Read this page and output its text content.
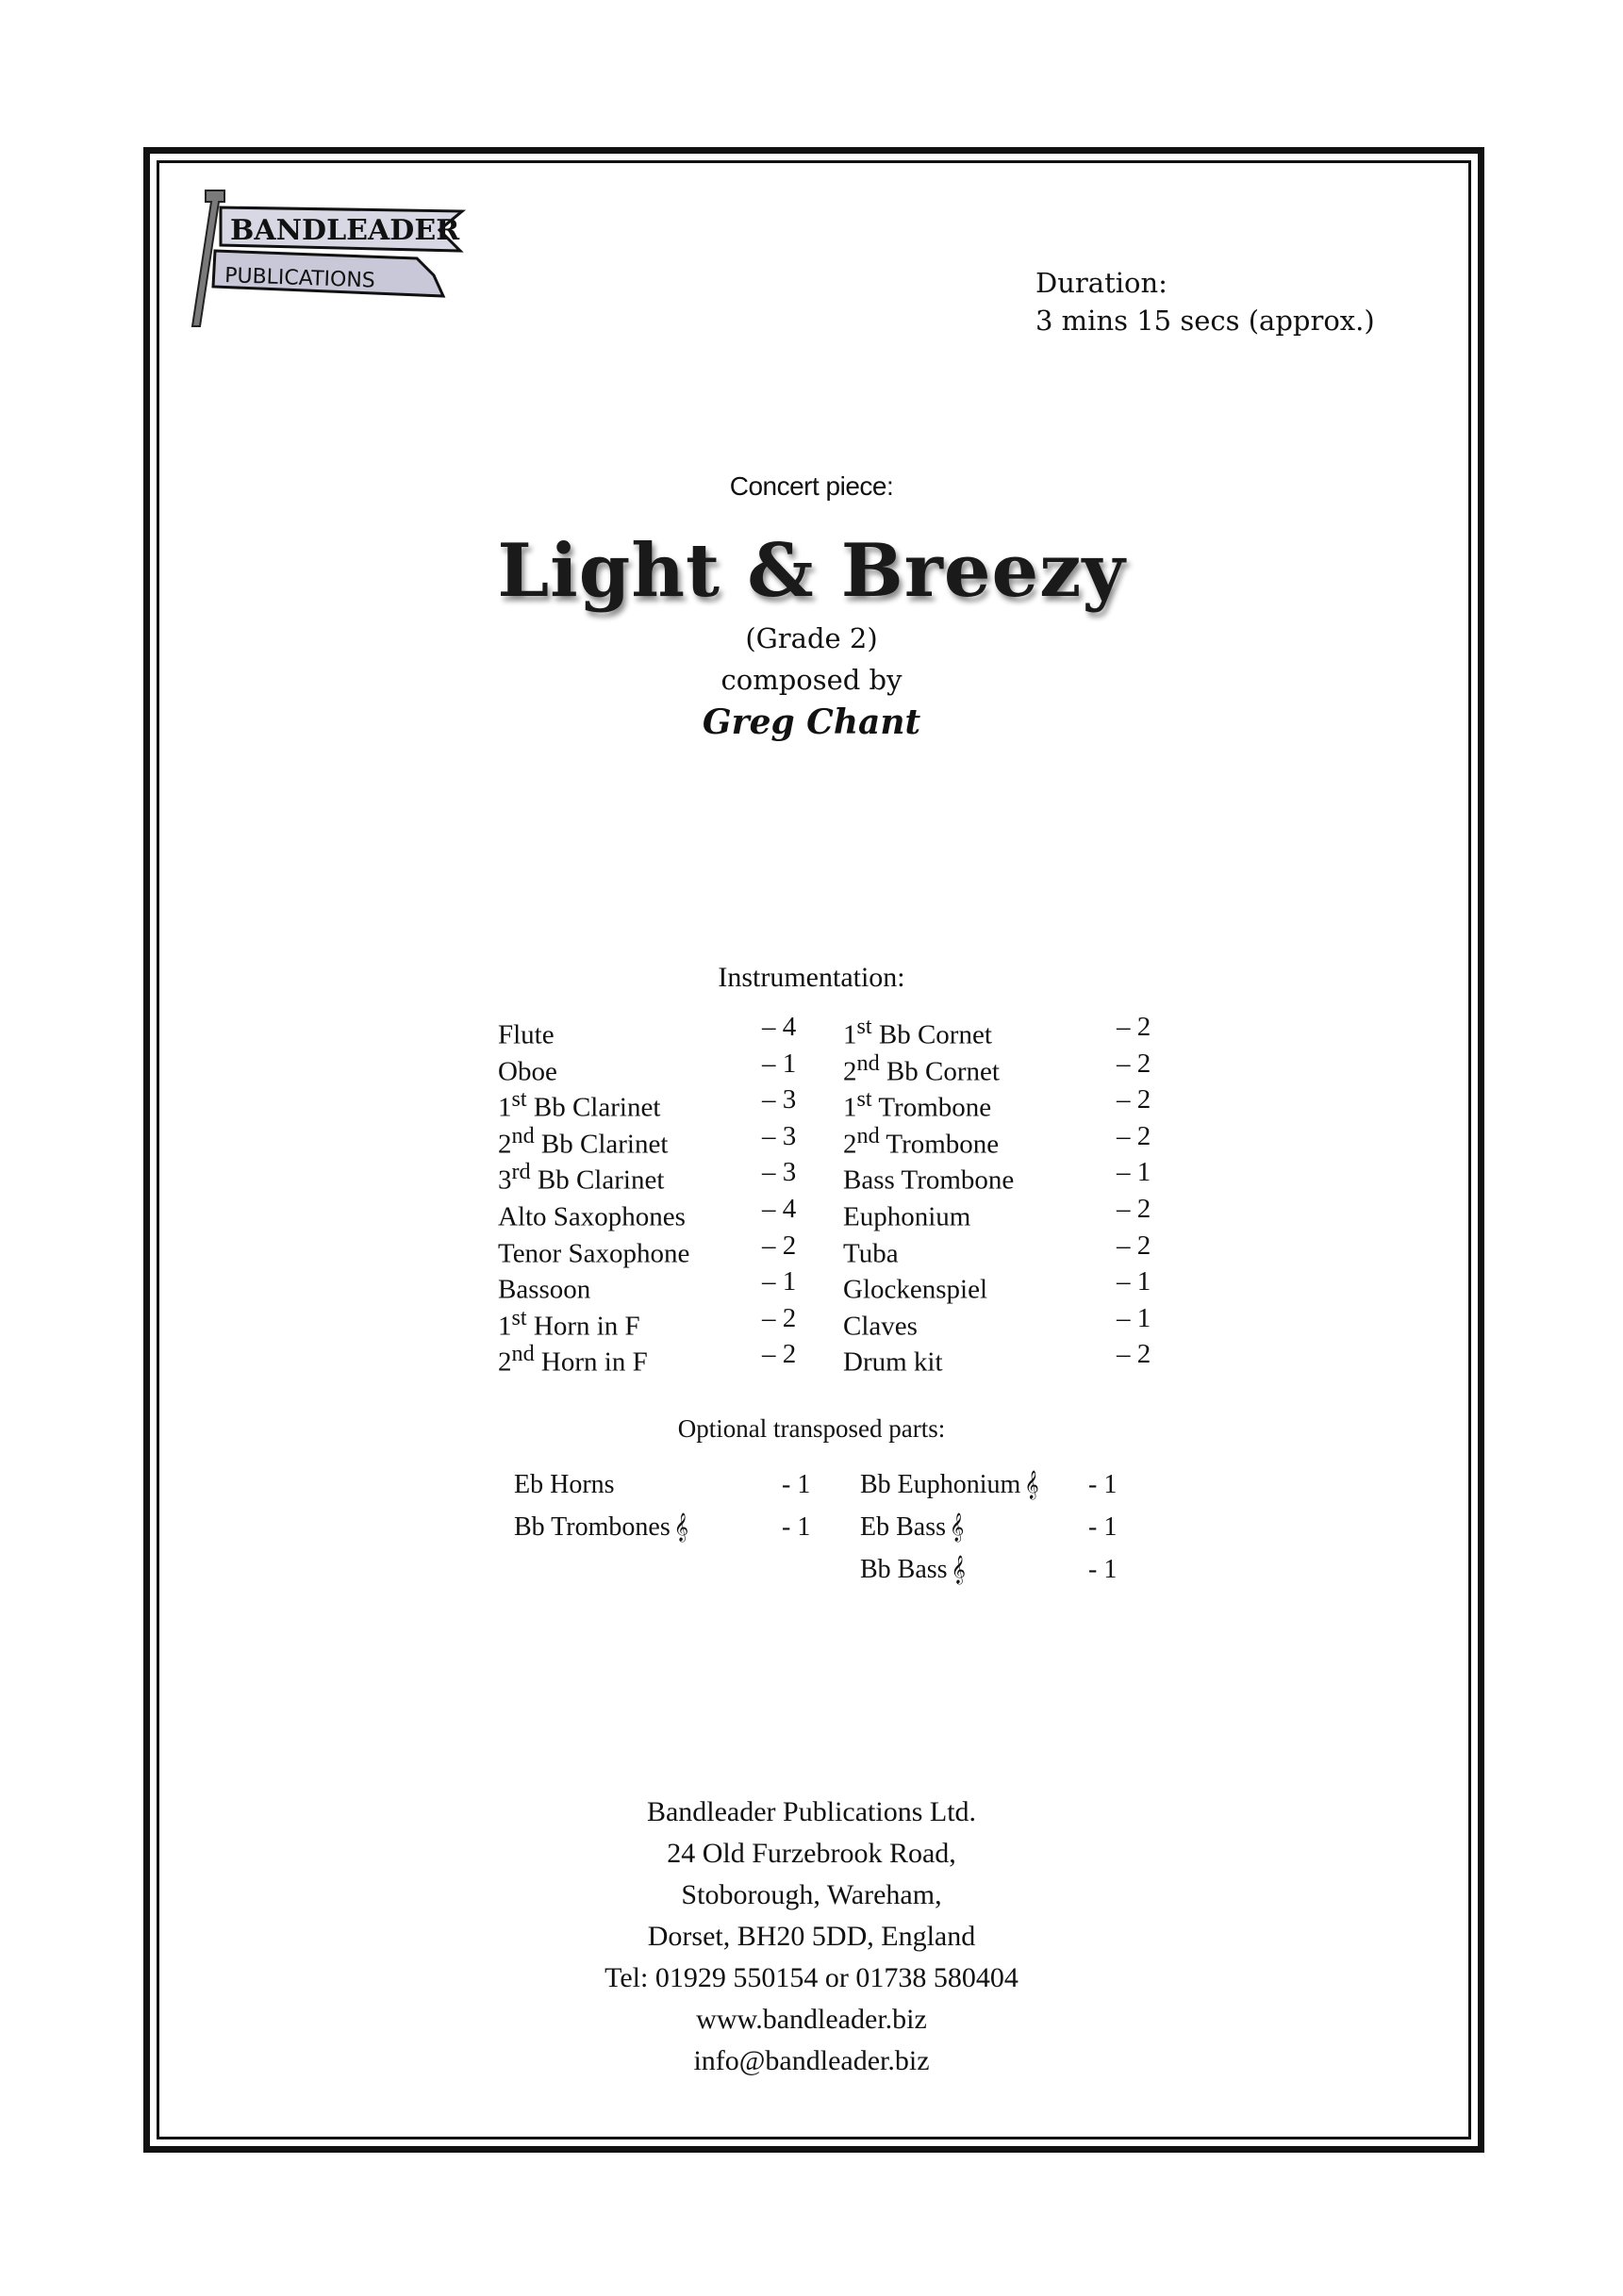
BANDLEADER
PUBLICATIONS	Duration:
3 mins 15 secs (approx.)
Concert piece:
Light & Breezy
(Grade 2)
composed by
Greg Chant
Instrumentation:
Flute	– 4
Oboe	– 1
1st Bb Clarinet	– 3
2nd Bb Clarinet	– 3
3rd Bb Clarinet	– 3
Alto Saxophones	– 4
Tenor Saxophone	– 2
Bassoon	– 1
1st Horn in F	– 2
2nd Horn in F	– 2
1st Bb Cornet	– 2
2nd Bb Cornet	– 2
1st Trombone	– 2
2nd Trombone	– 2
Bass Trombone	– 1
Euphonium	– 2
Tuba	– 2
Glockenspiel	– 1
Claves	– 1
Drum kit	– 2
Optional transposed parts:
Eb Horns	- 1
Bb Trombones 𝄞	- 1
Bb Euphonium 𝄞 - 1
Eb Bass 𝄞	- 1
Bb Bass 𝄞	- 1
Bandleader Publications Ltd.
24 Old Furzebrook Road,
Stoborough, Wareham,
Dorset, BH20 5DD, England
Tel: 01929 550154 or 01738 580404
www.bandleader.biz
info@bandleader.biz
